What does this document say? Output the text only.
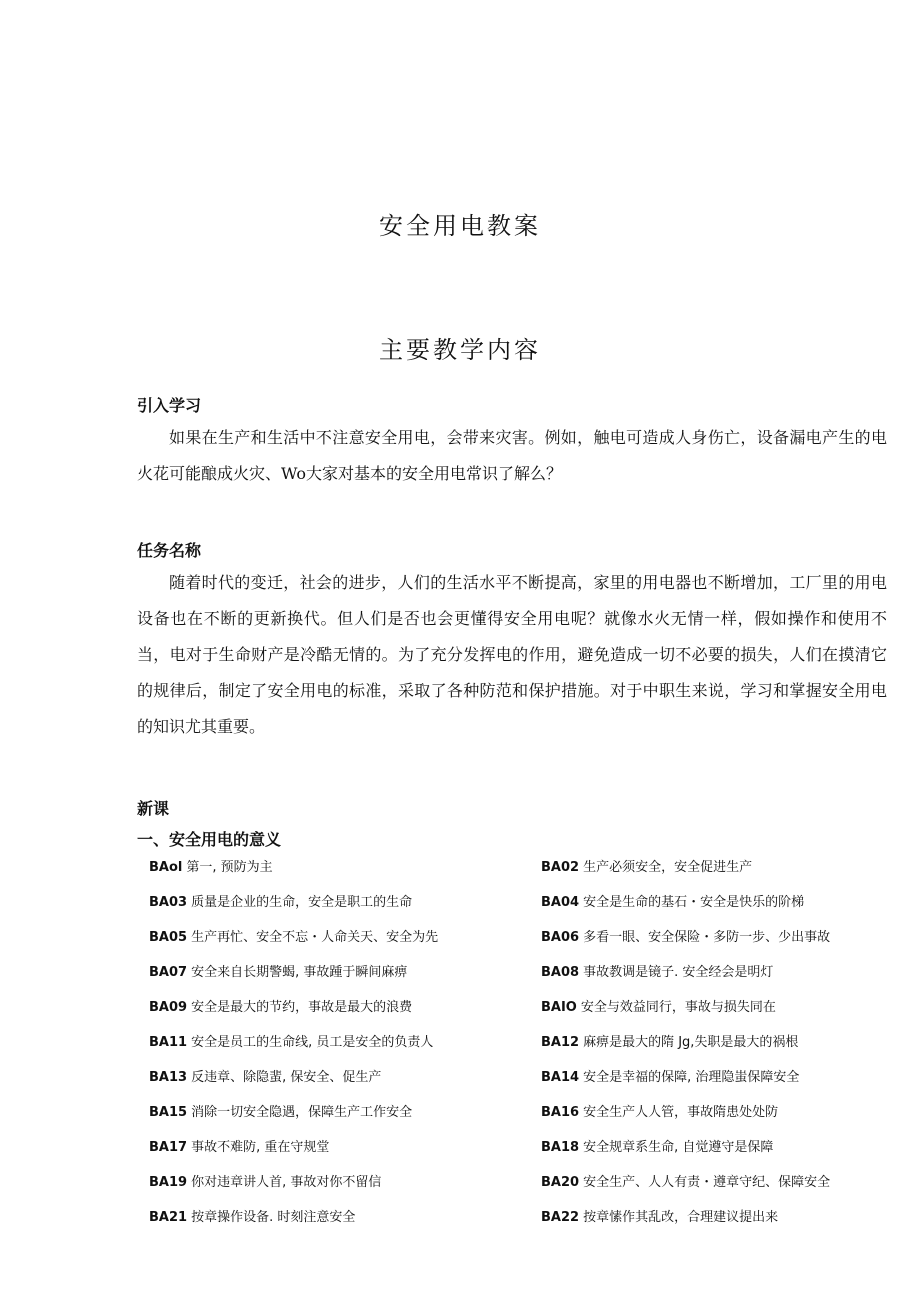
安全用电教案
主要教学内容
引入学习

如果在生产和生活中不注意安全用电，会带来灾害。例如，触电可造成人身伤亡，设备漏电产生的电火花可能酿成火灾、Wo大家对基本的安全用电常识了解么？

任务名称

随着时代的变迁，社会的进步，人们的生活水平不断提高，家里的用电器也不断增加，工厂里的用电设备也在不断的更新换代。但人们是否也会更懂得安全用电呢？就像水火无情一样，假如操作和使用不当，电对于生命财产是冷酷无情的。为了充分发挥电的作用，避免造成一切不必要的损失，人们在摸清它的规律后，制定了安全用电的标准，采取了各种防范和保护措施。对于中职生来说，学习和掌握安全用电的知识尤其重要。

新课
一、安全用电的意义
BAol 第一, 预防为主	BA02 生产必须安全，安全促进生产
BA03 质量是企业的生命，安全是职工的生命	BA04 安全是生命的基石・安全是快乐的阶梯
BA05 生产再忙、安全不忘・人命关天、安全为先	BA06 多看一眼、安全保险・多防一步、少出事故
BA07 安全来自长期警蝎, 事故踵于瞬间麻痹	BA08 事故教调是镜子. 安全经会是明灯
BA09 安全是最大的节约，事故是最大的浪费	BAIO 安全与效益同行，事故与损失同在
BA11 安全是员工的生命线, 员工是安全的负责人	BA12 麻痹是最大的隋 Jg,失职是最大的祸根
BA13 反违章、除隐蜚, 保安全、促生产	BA14 安全是幸福的保障, 治理隐蚩保障安全
BA15 消除一切安全隐遇，保障生产工作安全	BA16 安全生产人人管，事故隋患处处防
BA17 事故不难防, 重在守规堂	BA18 安全规章系生命, 自觉遵守是保障
BA19 你对违章讲人首, 事故对你不留信	BA20 安全生产、人人有责・遵章守纪、保障安全
BA21 按章操作设备. 时刻注意安全	BA22 按章愫作其乱改，合理建议提出来
